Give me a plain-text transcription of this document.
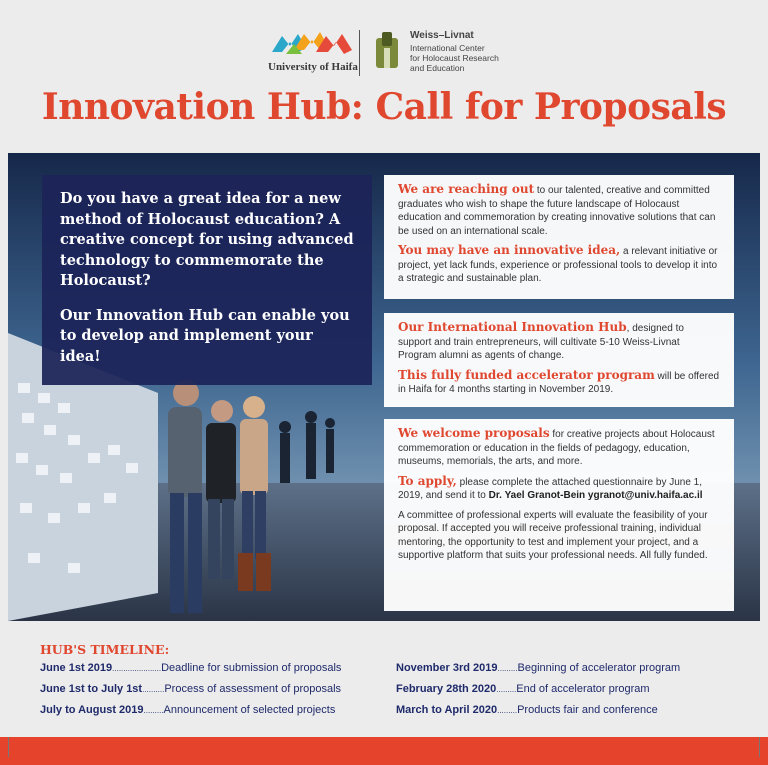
University of Haifa
Weiss–Livnat
International Center
for Holocaust Research
and Education
Innovation Hub: Call for Proposals
Do you have a great idea for a new method of Holocaust education? A creative concept for using advanced technology to commemorate the Holocaust?
Our Innovation Hub can enable you to develop and implement your idea!
We are reaching out to our talented, creative and committed graduates who wish to shape the future landscape of Holocaust education and commemoration by creating innovative solutions that can be used on an international scale.
You may have an innovative idea, a relevant initiative or project, yet lack funds, experience or professional tools to develop it into a strategic and sustainable plan.
Our International Innovation Hub, designed to support and train entrepreneurs, will cultivate 5-10 Weiss-Livnat Program alumni as agents of change.
This fully funded accelerator program will be offered in Haifa for 4 months starting in November 2019.
We welcome proposals for creative projects about Holocaust commemoration or education in the fields of pedagogy, education, museums, memorials, the arts, and more.
To apply, please complete the attached questionnaire by June 1, 2019, and send it to Dr. Yael Granot-Bein ygranot@univ.haifa.ac.il
A committee of professional experts will evaluate the feasibility of your proposal. If accepted you will receive professional training, individual mentoring, the opportunity to test and implement your project, and a supportive platform that suits your professional needs. All fully funded.
HUB'S TIMELINE:
June 1st 2019 ...................... Deadline for submission of proposals
June 1st to July 1st .......... Process of assessment of proposals
July to August 2019 ......... Announcement of selected projects
November 3rd 2019 ......... Beginning of accelerator program
February 28th 2020 ......... End of accelerator program
March to April 2020 ......... Products fair and conference
